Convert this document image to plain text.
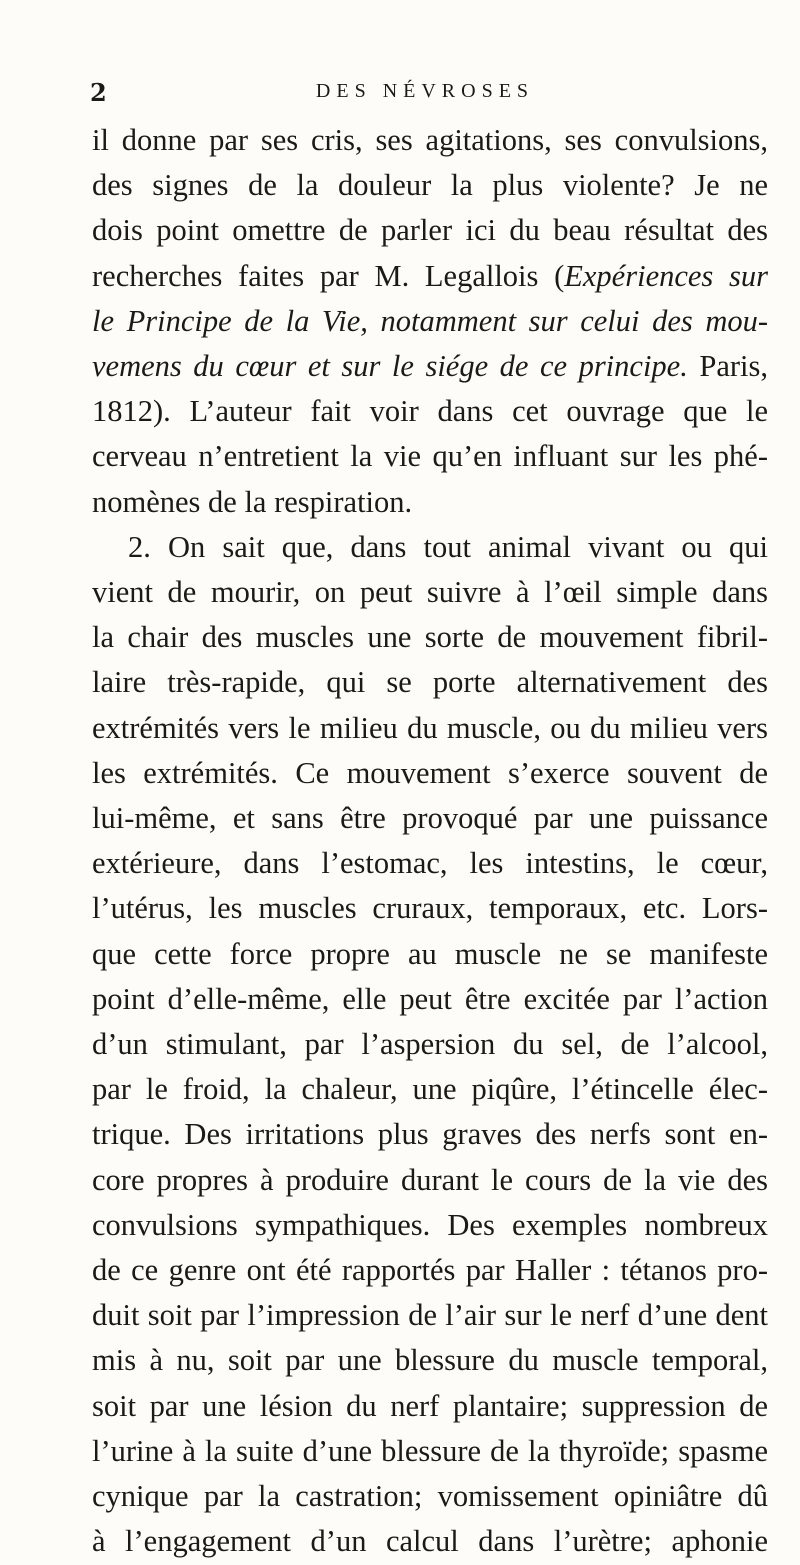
2	DES NÉVROSES
il donne par ses cris, ses agitations, ses convulsions,
des signes de la douleur la plus violente? Je ne
dois point omettre de parler ici du beau résultat des
recherches faites par M. Legallois (Expériences sur
le Principe de la Vie, notamment sur celui des mou-
vemens du cœur et sur le siége de ce principe. Paris,
1812). L’auteur fait voir dans cet ouvrage que le
cerveau n’entretient la vie qu’en influant sur les phé-
nomènes de la respiration.
2. On sait que, dans tout animal vivant ou qui
vient de mourir, on peut suivre à l’œil simple dans
la chair des muscles une sorte de mouvement fibril-
laire très-rapide, qui se porte alternativement des
extrémités vers le milieu du muscle, ou du milieu vers
les extrémités. Ce mouvement s’exerce souvent de
lui-même, et sans être provoqué par une puissance
extérieure, dans l’estomac, les intestins, le cœur,
l’utérus, les muscles cruraux, temporaux, etc. Lors-
que cette force propre au muscle ne se manifeste
point d’elle-même, elle peut être excitée par l’action
d’un stimulant, par l’aspersion du sel, de l’alcool,
par le froid, la chaleur, une piqûre, l’étincelle élec-
trique. Des irritations plus graves des nerfs sont en-
core propres à produire durant le cours de la vie des
convulsions sympathiques. Des exemples nombreux
de ce genre ont été rapportés par Haller : tétanos pro-
duit soit par l’impression de l’air sur le nerf d’une dent
mis à nu, soit par une blessure du muscle temporal,
soit par une lésion du nerf plantaire; suppression de
l’urine à la suite d’une blessure de la thyroïde; spasme
cynique par la castration; vomissement opiniâtre dû
à l’engagement d’un calcul dans l’urètre; aphonie
